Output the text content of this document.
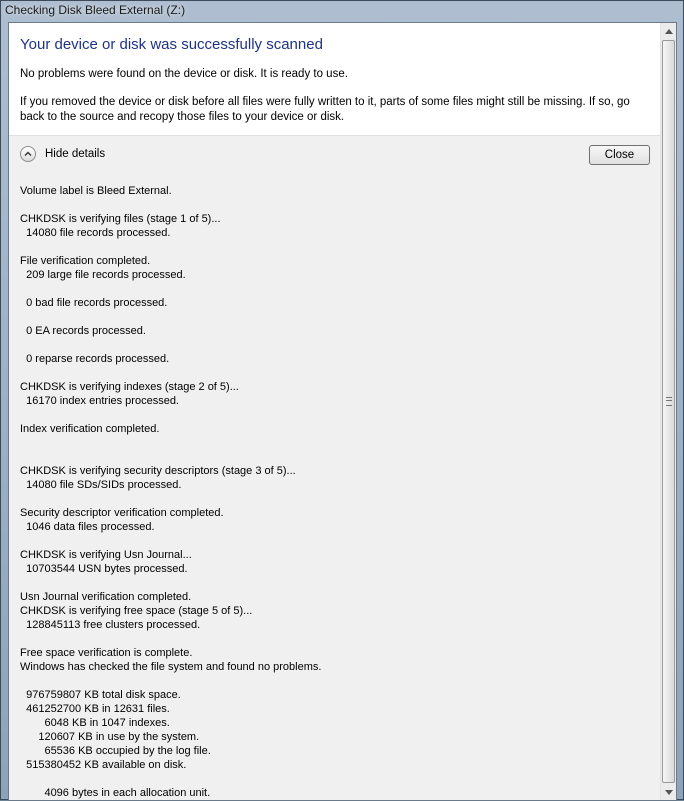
Checking Disk Bleed External (Z:)
Your device or disk was successfully scanned
No problems were found on the device or disk. It is ready to use.
If you removed the device or disk before all files were fully written to it, parts of some files might still be missing. If so, go back to the source and recopy those files to your device or disk.
Hide details	Close
Volume label is Bleed External.

CHKDSK is verifying files (stage 1 of 5)...
14080 file records processed.

File verification completed.
209 large file records processed.

0 bad file records processed.

0 EA records processed.

0 reparse records processed.

CHKDSK is verifying indexes (stage 2 of 5)...
16170 index entries processed.

Index verification completed.

CHKDSK is verifying security descriptors (stage 3 of 5)...
14080 file SDs/SIDs processed.

Security descriptor verification completed.
1046 data files processed.

CHKDSK is verifying Usn Journal...
10703544 USN bytes processed.

Usn Journal verification completed.
CHKDSK is verifying free space (stage 5 of 5)...
128845113 free clusters processed.

Free space verification is complete.
Windows has checked the file system and found no problems.

976759807 KB total disk space.
461252700 KB in 12631 files.
6048 KB in 1047 indexes.
120607 KB in use by the system.
65536 KB occupied by the log file.
515380452 KB available on disk.

4096 bytes in each allocation unit.
